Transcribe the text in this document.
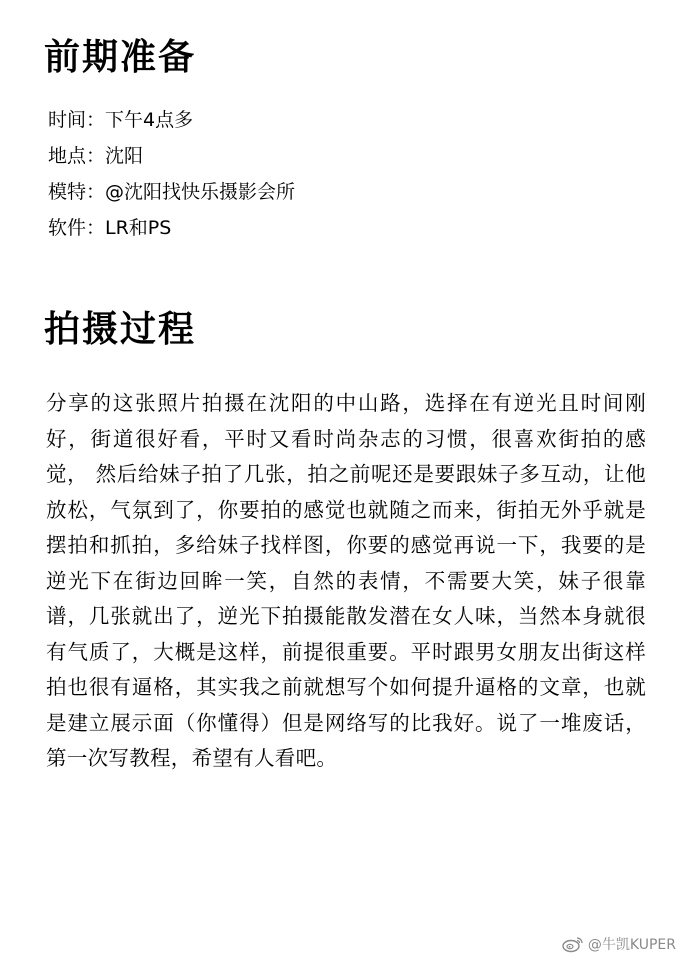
前期准备
时间：下午4点多
地点：沈阳
模特：@沈阳找快乐摄影会所
软件：LR和PS
拍摄过程

分享的这张照片拍摄在沈阳的中山路，选择在有逆光且时间刚好，街道很好看，平时又看时尚杂志的习惯，很喜欢街拍的感觉， 然后给妹子拍了几张，拍之前呢还是要跟妹子多互动，让他放松，气氛到了，你要拍的感觉也就随之而来，街拍无外乎就是摆拍和抓拍，多给妹子找样图，你要的感觉再说一下，我要的是逆光下在街边回眸一笑，自然的表情，不需要大笑，妹子很靠谱，几张就出了，逆光下拍摄能散发潜在女人味，当然本身就很有气质了，大概是这样，前提很重要。平时跟男女朋友出街这样拍也很有逼格，其实我之前就想写个如何提升逼格的文章，也就是建立展示面（你懂得）但是网络写的比我好。说了一堆废话，第一次写教程，希望有人看吧。

@牛凯KUPER
